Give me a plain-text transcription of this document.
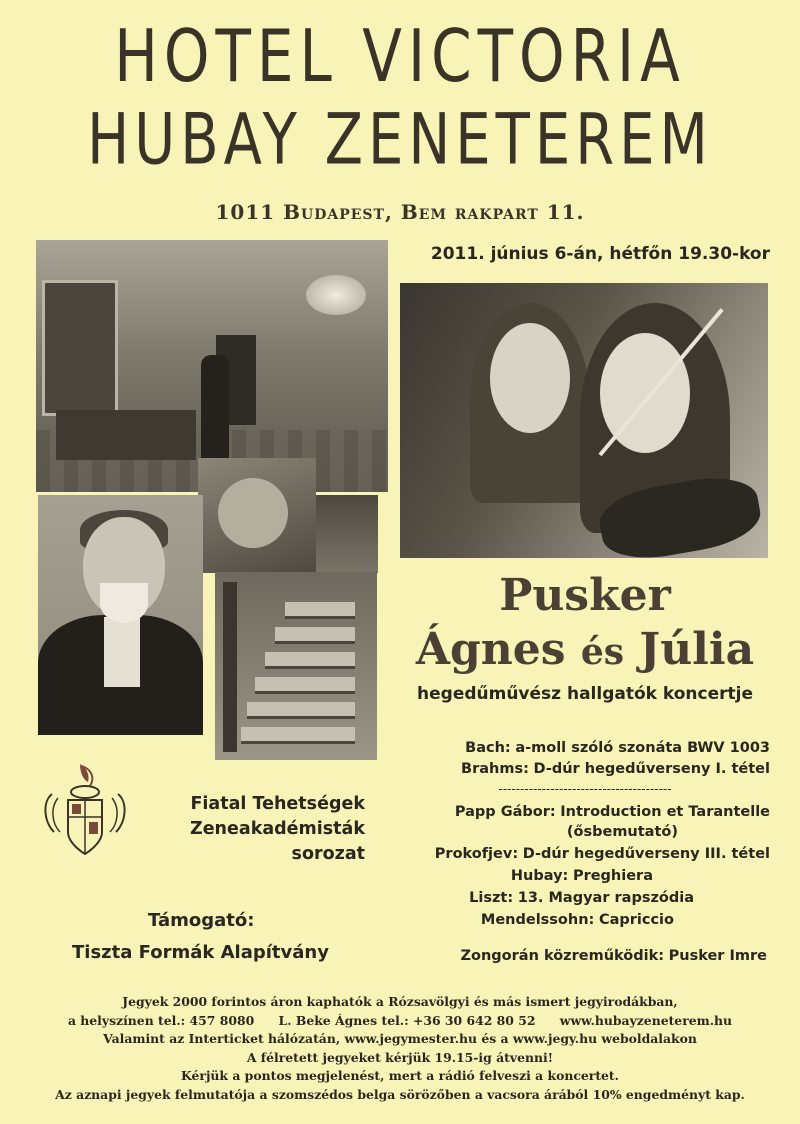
HOTEL VICTORIA
HUBAY ZENETEREM
1011 Budapest, Bem rakpart 11.
2011. június 6-án, hétfőn 19.30-kor
Pusker
Ágnes és Júlia
hegedűművész hallgatók koncertje
Bach: a-moll szóló szonáta BWV 1003
Brahms: D-dúr hegedűverseny I. tétel
----------------------------------------
Papp Gábor: Introduction et Tarantelle
(ősbemutató)
Prokofjev: D-dúr hegedűverseny III. tétel
Hubay: Preghiera
Liszt: 13. Magyar rapszódia
Mendelssohn: Capriccio
Zongorán közreműködik: Pusker Imre
Fiatal Tehetségek
Zeneakadémisták
sorozat
Támogató:
Tiszta Formák Alapítvány
Jegyek 2000 forintos áron kaphatók a Rózsavölgyi és más ismert jegyirodákban,
a helyszínen tel.: 457 8080 L. Beke Ágnes tel.: +36 30 642 80 52 www.hubayzeneterem.hu
Valamint az Interticket hálózatán, www.jegymester.hu és a www.jegy.hu weboldalakon
A félretett jegyeket kérjük 19.15-ig átvenni!
Kérjük a pontos megjelenést, mert a rádió felveszi a koncertet.
Az aznapi jegyek felmutatója a szomszédos belga sörözőben a vacsora árából 10% engedményt kap.
